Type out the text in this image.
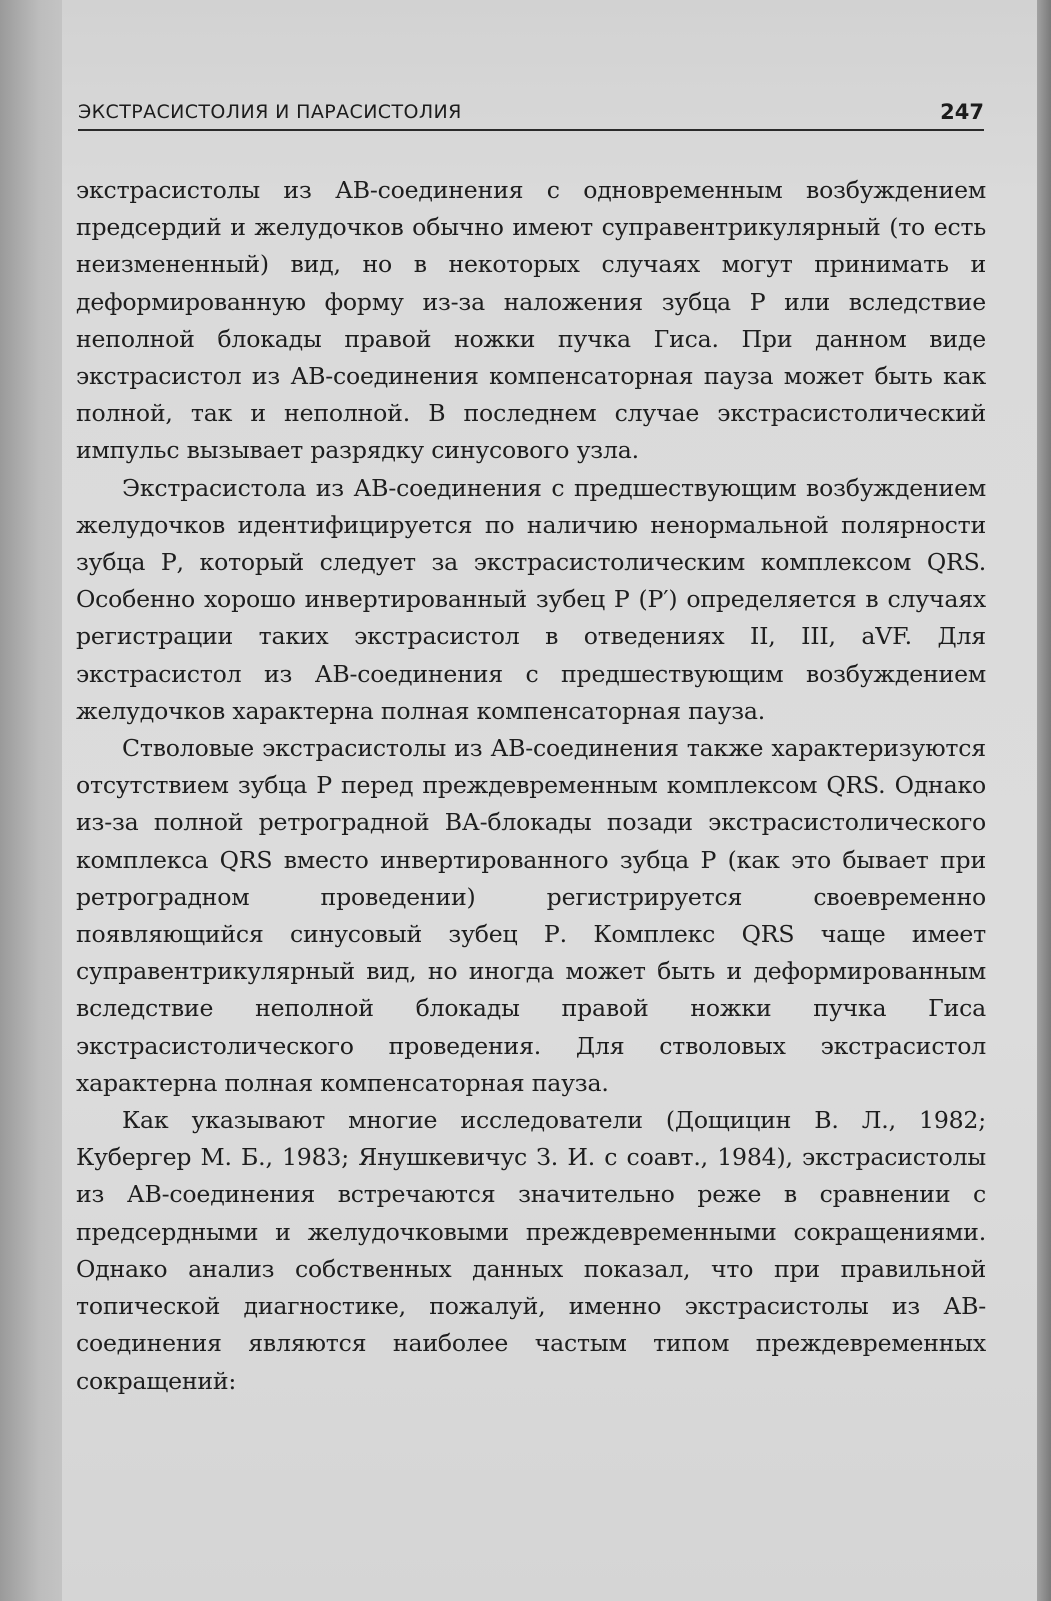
ЭКСТРАСИСТОЛИЯ И ПАРАСИСТОЛИЯ	247

экстрасистолы из АВ-соединения с одновременным возбуждением предсердий и желудочков обычно имеют суправентрикулярный (то есть неизмененный) вид, но в некоторых случаях могут принимать и деформированную форму из-за наложения зубца Р или вследствие неполной блокады правой ножки пучка Гиса. При данном виде экстрасистол из АВ-соединения компенсаторная пауза может быть как полной, так и неполной. В последнем случае экстрасистолический импульс вызывает разрядку синусового узла.

Экстрасистола из АВ-соединения с предшествующим возбуждением желудочков идентифицируется по наличию ненормальной полярности зубца Р, который следует за экстрасистолическим комплексом QRS. Особенно хорошо инвертированный зубец Р (Р′) определяется в случаях регистрации таких экстрасистол в отведениях II, III, aVF. Для экстрасистол из АВ-соединения с предшествующим возбуждением желудочков характерна полная компенсаторная пауза.

Стволовые экстрасистолы из АВ-соединения также характеризуются отсутствием зубца Р перед преждевременным комплексом QRS. Однако из-за полной ретроградной ВА-блокады позади экстрасистолического комплекса QRS вместо инвертированного зубца Р (как это бывает при ретроградном проведении) регистрируется своевременно появляющийся синусовый зубец Р. Комплекс QRS чаще имеет суправентрикулярный вид, но иногда может быть и деформированным вследствие неполной блокады правой ножки пучка Гиса экстрасистолического проведения. Для стволовых экстрасистол характерна полная компенсаторная пауза.

Как указывают многие исследователи (Дощицин В. Л., 1982; Кубергер М. Б., 1983; Янушкевичус З. И. с соавт., 1984), экстрасистолы из АВ-соединения встречаются значительно реже в сравнении с предсердными и желудочковыми преждевременными сокращениями. Однако анализ собственных данных показал, что при правильной топической диагностике, пожалуй, именно экстрасистолы из АВ-соединения являются наиболее частым типом преждевременных сокращений:
